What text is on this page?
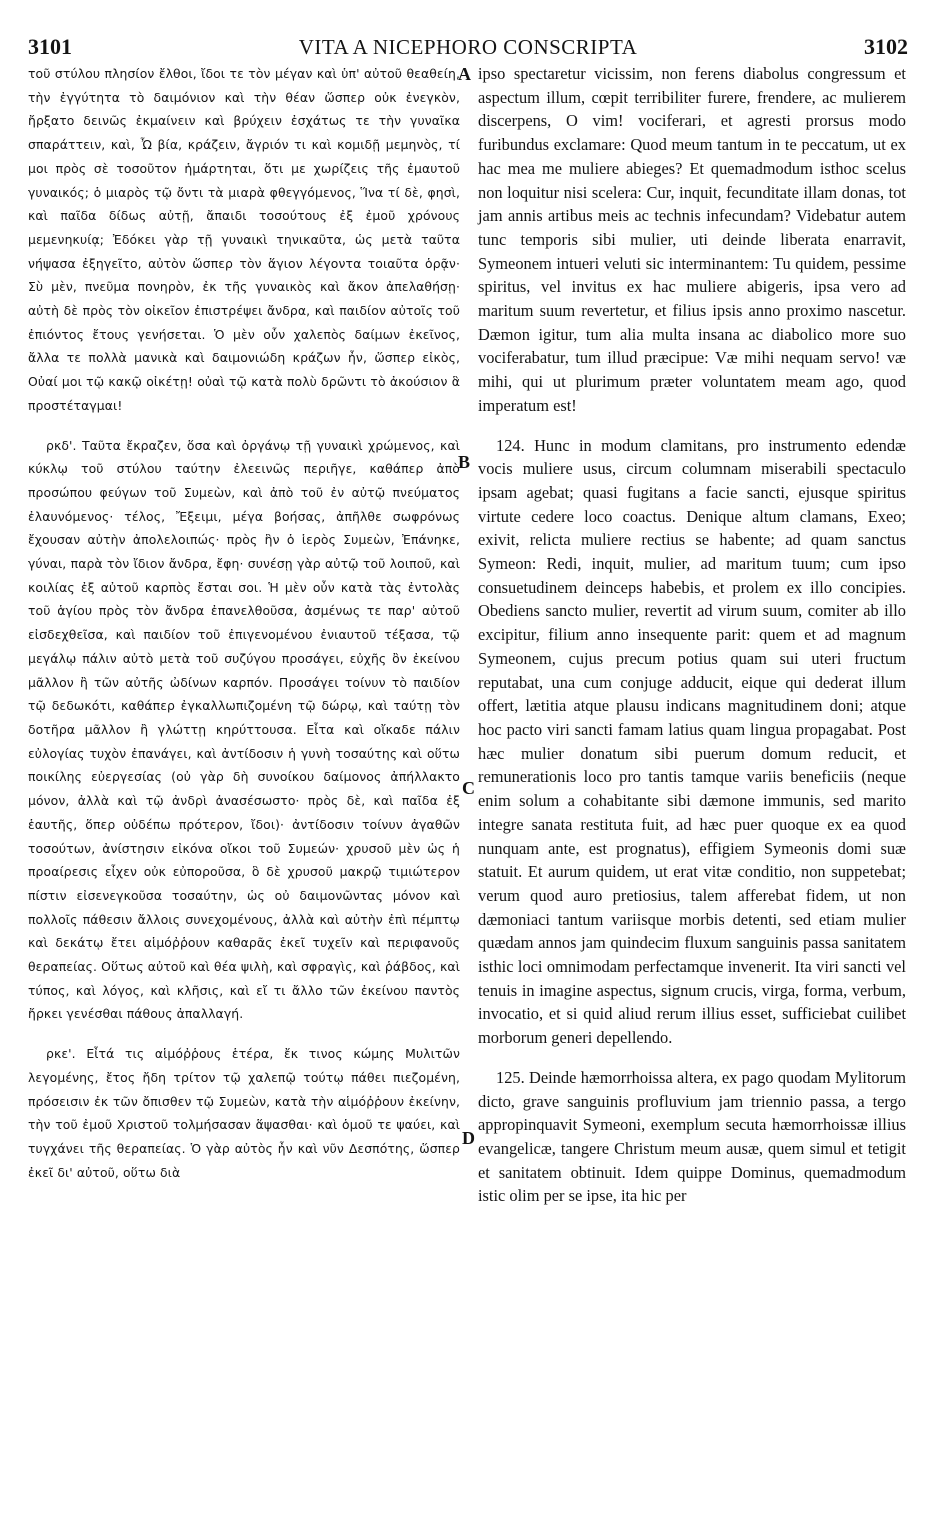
VITA A NICEPHORO CONSCRIPTA
3101	3102

τοῦ στύλου πλησίον ἔλθοι, ἴδοι τε τὸν μέγαν καὶ ὑπ' αὐτοῦ θεαθείη, τὴν ἐγγύτητα τὸ δαιμόνιον καὶ τὴν θέαν ὥσπερ οὐκ ἐνεγκὸν, ἤρξατο δεινῶς ἐκμαίνειν καὶ βρύχειν ἐσχάτως τε τὴν γυναῖκα σπαράττειν, καὶ, Ὦ βία, κράζειν, ἄγριόν τι καὶ κομιδῇ μεμηνὸς, τί μοι πρὸς σὲ τοσοῦτον ἡμάρτηται, ὅτι με χωρίζεις τῆς ἐμαυτοῦ γυναικός; ὁ μιαρὸς τῷ ὄντι τὰ μιαρὰ φθεγγόμενος, Ἵνα τί δὲ, φησὶ, καὶ παῖδα δίδως αὐτῇ, ἄπαιδι τοσούτους ἐξ ἐμοῦ χρόνους μεμενηκυίᾳ; Ἐδόκει γὰρ τῇ γυναικὶ τηνικαῦτα, ὡς μετὰ ταῦτα νήψασα ἐξηγεῖτο, αὐτὸν ὥσπερ τὸν ἅγιον λέγοντα τοιαῦτα ὁρᾷν· Σὺ μὲν, πνεῦμα πονηρὸν, ἐκ τῆς γυναικὸς καὶ ἄκον ἀπελαθήσῃ· αὐτὴ δὲ πρὸς τὸν οἰκεῖον ἐπιστρέψει ἄνδρα, καὶ παιδίον αὐτοῖς τοῦ ἐπιόντος ἔτους γενήσεται. Ὁ μὲν οὖν χαλεπὸς δαίμων ἐκεῖνος, ἄλλα τε πολλὰ μανικὰ καὶ δαιμονιώδη κράζων ἦν, ὥσπερ εἰκὸς, Οὐαί μοι τῷ κακῷ οἰκέτῃ! οὐαὶ τῷ κατὰ πολὺ δρῶντι τὸ ἀκούσιον ἃ προστέταγμαι!

ρκδ'. Ταῦτα ἔκραζεν, ὅσα καὶ ὀργάνῳ τῇ γυναικὶ χρώμενος, καὶ κύκλῳ τοῦ στύλου ταύτην ἐλεεινῶς περιῆγε, καθάπερ ἀπὸ προσώπου φεύγων τοῦ Συμεὼν, καὶ ἀπὸ τοῦ ἐν αὐτῷ πνεύματος ἐλαυνόμενος· τέλος, Ἔξειμι, μέγα βοήσας, ἀπῆλθε σωφρόνως ἔχουσαν αὐτὴν ἀπολελοιπώς· πρὸς ἣν ὁ ἱερὸς Συμεὼν, Ἐπάνηκε, γύναι, παρὰ τὸν ἴδιον ἄνδρα, ἔφη· συνέσῃ γὰρ αὐτῷ τοῦ λοιποῦ, καὶ κοιλίας ἐξ αὐτοῦ καρπὸς ἔσται σοι. Ἡ μὲν οὖν κατὰ τὰς ἐντολὰς τοῦ ἁγίου πρὸς τὸν ἄνδρα ἐπανελθοῦσα, ἀσμένως τε παρ' αὐτοῦ εἰσδεχθεῖσα, καὶ παιδίον τοῦ ἐπιγενομένου ἐνιαυτοῦ τέξασα, τῷ μεγάλῳ πάλιν αὐτὸ μετὰ τοῦ συζύγου προσάγει, εὐχῆς ὂν ἐκείνου μᾶλλον ἢ τῶν αὐτῆς ὠδίνων καρπόν. Προσάγει τοίνυν τὸ παιδίον τῷ δεδωκότι, καθάπερ ἐγκαλλωπιζομένη τῷ δώρῳ, καὶ ταύτῃ τὸν δοτῆρα μᾶλλον ἢ γλώττῃ κηρύττουσα. Εἶτα καὶ οἴκαδε πάλιν εὐλογίας τυχὸν ἐπανάγει, καὶ ἀντίδοσιν ἡ γυνὴ τοσαύτης καὶ οὕτω ποικίλης εὐεργεσίας (οὐ γὰρ δὴ συνοίκου δαίμονος ἀπήλλακτο μόνον, ἀλλὰ καὶ τῷ ἀνδρὶ ἀνασέσωστο· πρὸς δὲ, καὶ παῖδα ἐξ ἑαυτῆς, ὅπερ οὐδέπω πρότερον, ἴδοι)· ἀντίδοσιν τοίνυν ἀγαθῶν τοσούτων, ἀνίστησιν εἰκόνα οἴκοι τοῦ Συμεών· χρυσοῦ μὲν ὡς ἡ προαίρεσις εἶχεν οὐκ εὐποροῦσα, ὃ δὲ χρυσοῦ μακρῷ τιμιώτερον πίστιν εἰσενεγκοῦσα τοσαύτην, ὡς οὐ δαιμονῶντας μόνον καὶ πολλοῖς πάθεσιν ἄλλοις συνεχομένους, ἀλλὰ καὶ αὐτὴν ἐπὶ πέμπτῳ καὶ δεκάτῳ ἔτει αἱμόῤῥουν καθαρᾶς ἐκεῖ τυχεῖν καὶ περιφανοῦς θεραπείας. Οὕτως αὐτοῦ καὶ θέα ψιλὴ, καὶ σφραγὶς, καὶ ῥάβδος, καὶ τύπος, καὶ λόγος, καὶ κλῆσις, καὶ εἴ τι ἄλλο τῶν ἐκείνου παντὸς ἤρκει γενέσθαι πάθους ἀπαλλαγή.

ρκε'. Εἶτά τις αἱμόῤῥους ἑτέρα, ἔκ τινος κώμης Μυλιτῶν λεγομένης, ἔτος ἤδη τρίτον τῷ χαλεπῷ τούτῳ πάθει πιεζομένη, πρόσεισιν ἐκ τῶν ὄπισθεν τῷ Συμεὼν, κατὰ τὴν αἱμόῤῥουν ἐκείνην, τὴν τοῦ ἐμοῦ Χριστοῦ τολμήσασαν ἅψασθαι· καὶ ὁμοῦ τε ψαύει, καὶ τυγχάνει τῆς θεραπείας. Ὁ γὰρ αὐτὸς ἦν καὶ νῦν Δεσπότης, ὥσπερ ἐκεῖ δι' αὐτοῦ, οὕτω διὰ

ipso spectaretur vicissim, non ferens diabolus congressum et aspectum illum, cœpit terribiliter furere, frendere, ac mulierem discerpens, O vim! vociferari, et agresti prorsus modo furibundus exclamare: Quod meum tantum in te peccatum, ut ex hac mea me muliere abieges? Et quemadmodum isthoc scelus non loquitur nisi scelera: Cur, inquit, fecunditate illam donas, tot jam annis artibus meis ac technis infecundam? Videbatur autem tunc temporis sibi mulier, uti deinde liberata enarravit, Symeonem intueri veluti sic interminantem: Tu quidem, pessime spiritus, vel invitus ex hac muliere abigeris, ipsa vero ad maritum suum revertetur, et filius ipsis anno proximo nascetur. Dæmon igitur, tum alia multa insana ac diabolico more suo vociferabatur, tum illud præcipue: Væ mihi nequam servo! væ mihi, qui ut plurimum præter voluntatem meam ago, quod imperatum est!

124. Hunc in modum clamitans, pro instrumento edendæ vocis muliere usus, circum columnam miserabili spectaculo ipsam agebat; quasi fugitans a facie sancti, ejusque spiritus virtute cedere loco coactus. Denique altum clamans, Exeo; exivit, relicta muliere rectius se habente; ad quam sanctus Symeon: Redi, inquit, mulier, ad maritum tuum; cum ipso consuetudinem deinceps habebis, et prolem ex illo concipies. Obediens sancto mulier, revertit ad virum suum, comiter ab illo excipitur, filium anno insequente parit: quem et ad magnum Symeonem, cujus precum potius quam sui uteri fructum reputabat, una cum conjuge adducit, eique qui dederat illum offert, lætitia atque plausu indicans magnitudinem doni; atque hoc pacto viri sancti famam latius quam lingua propagabat. Post hæc mulier donatum sibi puerum domum reducit, et remunerationis loco pro tantis tamque variis beneficiis (neque enim solum a cohabitante sibi dæmone immunis, sed marito integre sanata restituta fuit, ad hæc puer quoque ex ea quod nunquam ante, est prognatus), effigiem Symeonis domi suæ statuit. Et aurum quidem, ut erat vitæ conditio, non suppetebat; verum quod auro pretiosius, talem afferebat fidem, ut non dæmoniaci tantum variisque morbis detenti, sed etiam mulier quædam annos jam quindecim fluxum sanguinis passa sanitatem isthic loci omnimodam perfectamque invenerit. Ita viri sancti vel tenuis in imagine aspectus, signum crucis, virga, forma, verbum, invocatio, et si quid aliud rerum illius esset, sufficiebat cuilibet morborum generi depellendo.

125. Deinde hæmorrhoissa altera, ex pago quodam Mylitorum dicto, grave sanguinis profluvium jam triennio passa, a tergo appropinquavit Symeoni, exemplum secuta hæmorrhoissæ illius evangelicæ, tangere Christum meum ausæ, quem simul et tetigit et sanitatem obtinuit. Idem quippe Dominus, quemadmodum istic olim per se ipse, ita hic per

A
B
C
D
